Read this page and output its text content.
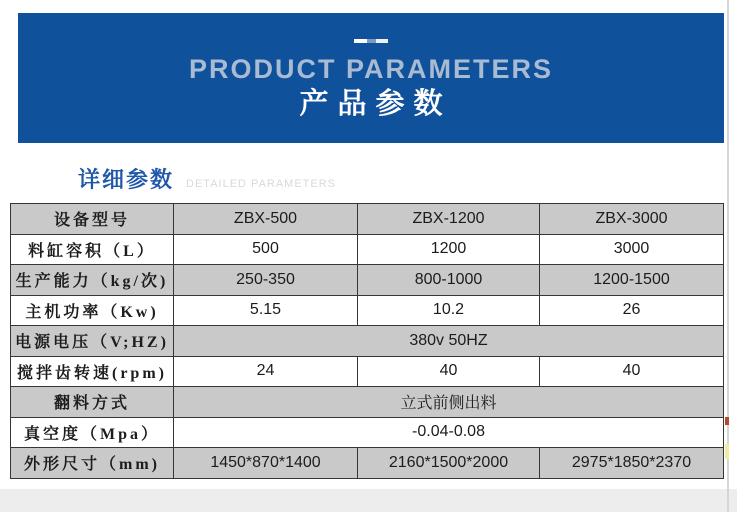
PRODUCT PARAMETERS
产品参数
详细参数 DETAILED PARAMETERS
设备型号	ZBX-500	ZBX-1200	ZBX-3000
料缸容积（L）	500	1200	3000
生产能力（kg/次)	250-350	800-1000	1200-1500
主机功率（Kw)	5.15	10.2	26
电源电压（V;HZ)	380v 50HZ		
搅拌齿转速(rpm)	24	40	40
翻料方式	立式前侧出料		
真空度（Mpa）	-0.04-0.08		
外形尺寸（mm)	1450*870*1400	2160*1500*2000	2975*1850*2370
